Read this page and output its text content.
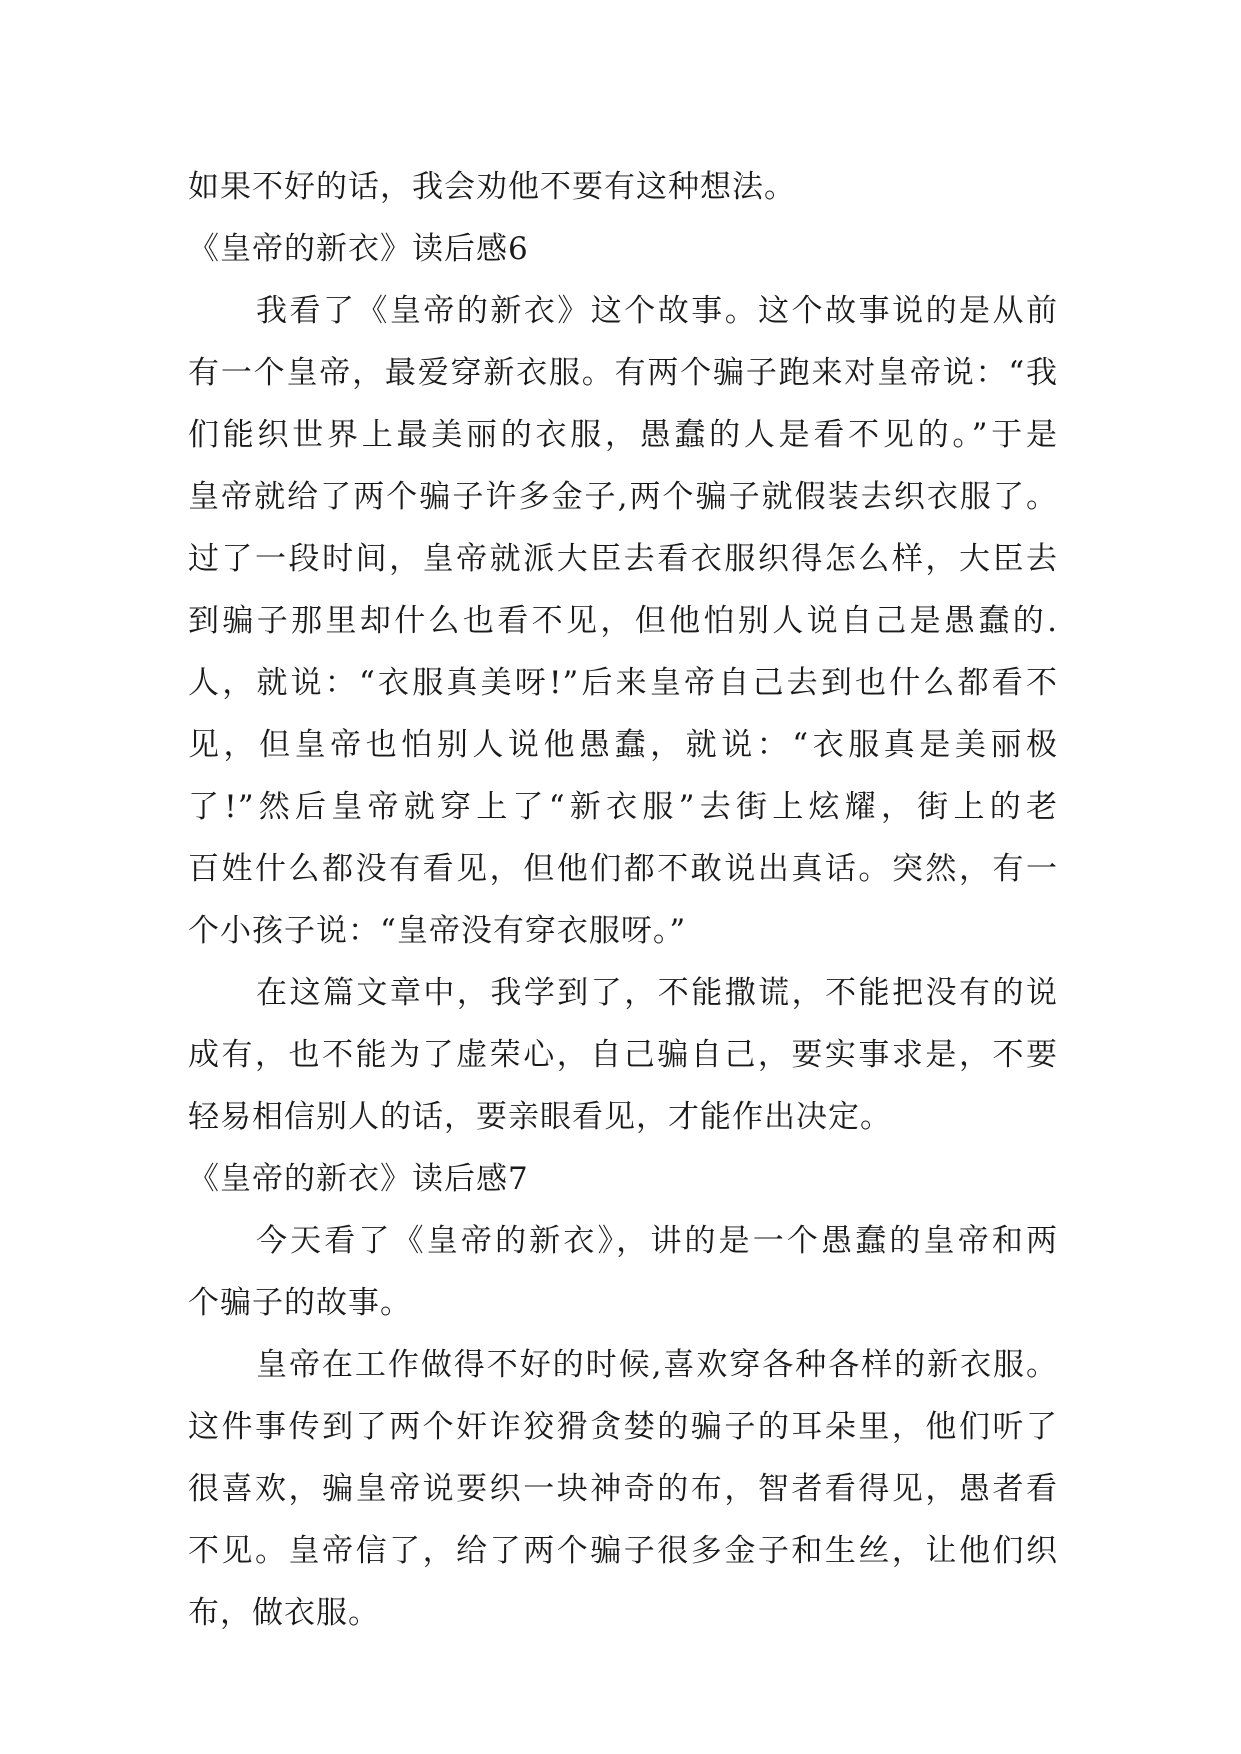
如果不好的话，我会劝他不要有这种想法。
《皇帝的新衣》读后感6
我看了《皇帝的新衣》这个故事。这个故事说的是从前
有一个皇帝，最爱穿新衣服。有两个骗子跑来对皇帝说：“我
们能织世界上最美丽的衣服，愚蠢的人是看不见的。”于是
皇帝就给了两个骗子许多金子,两个骗子就假装去织衣服了。
过了一段时间，皇帝就派大臣去看衣服织得怎么样，大臣去
到骗子那里却什么也看不见，但他怕别人说自己是愚蠢的.
人，就说：“衣服真美呀!”后来皇帝自己去到也什么都看不
见，但皇帝也怕别人说他愚蠢，就说：“衣服真是美丽极
了!”然后皇帝就穿上了“新衣服”去街上炫耀，街上的老
百姓什么都没有看见，但他们都不敢说出真话。突然，有一
个小孩子说：“皇帝没有穿衣服呀。”
在这篇文章中，我学到了，不能撒谎，不能把没有的说
成有，也不能为了虚荣心，自己骗自己，要实事求是，不要
轻易相信别人的话，要亲眼看见，才能作出决定。
《皇帝的新衣》读后感7
今天看了《皇帝的新衣》，讲的是一个愚蠢的皇帝和两
个骗子的故事。
皇帝在工作做得不好的时候,喜欢穿各种各样的新衣服。
这件事传到了两个奸诈狡猾贪婪的骗子的耳朵里，他们听了
很喜欢，骗皇帝说要织一块神奇的布，智者看得见，愚者看
不见。皇帝信了，给了两个骗子很多金子和生丝，让他们织
布，做衣服。
